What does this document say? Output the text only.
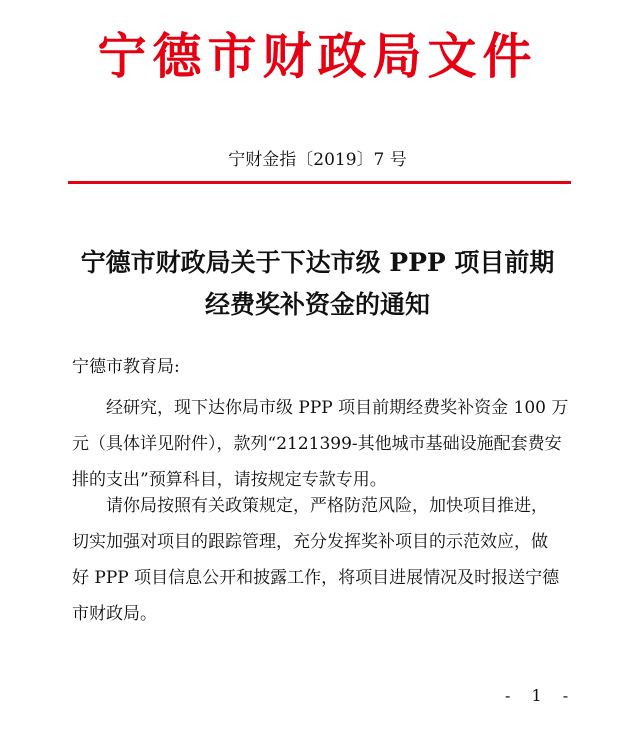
宁德市财政局文件
宁财金指〔2019〕7 号
宁德市财政局关于下达市级 PPP 项目前期
经费奖补资金的通知
宁德市教育局:
经研究，现下达你局市级 PPP 项目前期经费奖补资金 100 万
元（具体详见附件），款列“2121399-其他城市基础设施配套费安
排的支出”预算科目，请按规定专款专用。
请你局按照有关政策规定，严格防范风险，加快项目推进，
切实加强对项目的跟踪管理，充分发挥奖补项目的示范效应，做
好 PPP 项目信息公开和披露工作，将项目进展情况及时报送宁德
市财政局。
- 1 -
